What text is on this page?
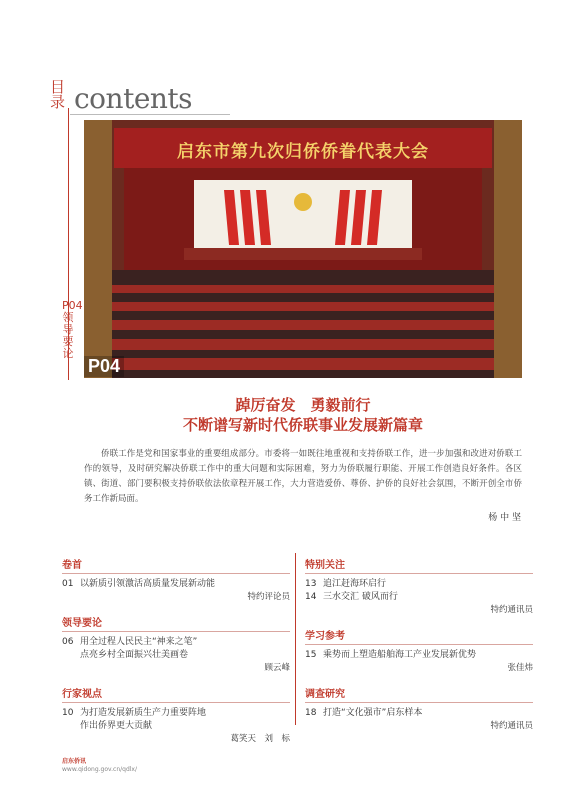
目录 contents
P04领导要论
启东市第九次归侨侨眷代表大会
P04
踔厉奋发　勇毅前行
不断谱写新时代侨联事业发展新篇章
侨联工作是党和国家事业的重要组成部分。市委将一如既往地重视和支持侨联工作，进一步加强和改进对侨联工作的领导，及时研究解决侨联工作中的重大问题和实际困难，努力为侨联履行职能、开展工作创造良好条件。各区镇、街道、部门要积极支持侨联依法依章程开展工作，大力营造爱侨、尊侨、护侨的良好社会氛围，不断开创全市侨务工作新局面。
杨 中 坚
卷首
01 以新质引领激活高质量发展新动能
特约评论员
领导要论
06 用全过程人民民主“神来之笔”
点亮乡村全面振兴壮美画卷
顾云峰
行家视点
10 为打造发展新质生产力重要阵地
作出侨界更大贡献
葛笑天　刘　标
特别关注
13 追江赶海环启行
14 三水交汇 破风而行
特约通讯员
学习参考
15 乘势而上塑造船舶海工产业发展新优势
张佳炜
调查研究
18 打造“文化强市”启东样本
特约通讯员
启东侨讯
www.qidong.gov.cn/qdlx/
